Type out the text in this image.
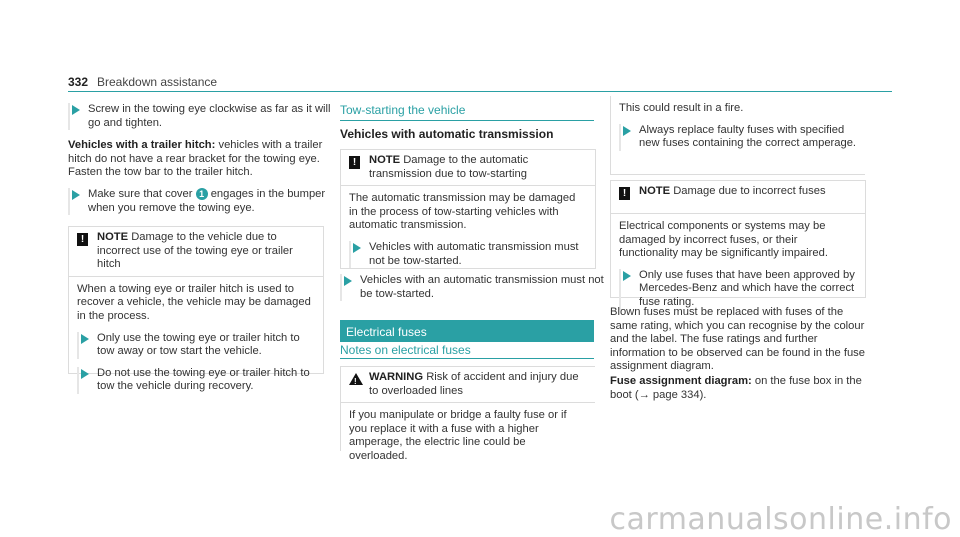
332 Breakdown assistance
Screw in the towing eye clockwise as far as it will go and tighten.
Vehicles with a trailer hitch: vehicles with a trailer hitch do not have a rear bracket for the towing eye. Fasten the tow bar to the trailer hitch.
Make sure that cover 1 engages in the bumper when you remove the towing eye.
!	NOTE Damage to the vehicle due to incorrect use of the towing eye or trailer hitch
When a towing eye or trailer hitch is used to recover a vehicle, the vehicle may be damaged in the process.
Only use the towing eye or trailer hitch to tow away or tow start the vehicle.
Do not use the towing eye or trailer hitch to tow the vehicle during recovery.
Tow-starting the vehicle
Vehicles with automatic transmission
!	NOTE Damage to the automatic transmission due to tow-starting
The automatic transmission may be damaged in the process of tow-starting vehicles with automatic transmission.
Vehicles with automatic transmission must not be tow-started.
Vehicles with an automatic transmission must not be tow-started.
Electrical fuses
Notes on electrical fuses
! WARNING Risk of accident and injury due to overloaded lines
If you manipulate or bridge a faulty fuse or if you replace it with a fuse with a higher amperage, the electric line could be overloaded.
This could result in a fire.
Always replace faulty fuses with specified new fuses containing the correct amperage.
!	NOTE Damage due to incorrect fuses
Electrical components or systems may be damaged by incorrect fuses, or their functionality may be significantly impaired.
Only use fuses that have been approved by Mercedes-Benz and which have the correct fuse rating.
Blown fuses must be replaced with fuses of the same rating, which you can recognise by the colour and the label. The fuse ratings and further information to be observed can be found in the fuse assignment diagram.
Fuse assignment diagram: on the fuse box in the boot (→ page 334).
carmanualsonline.info
